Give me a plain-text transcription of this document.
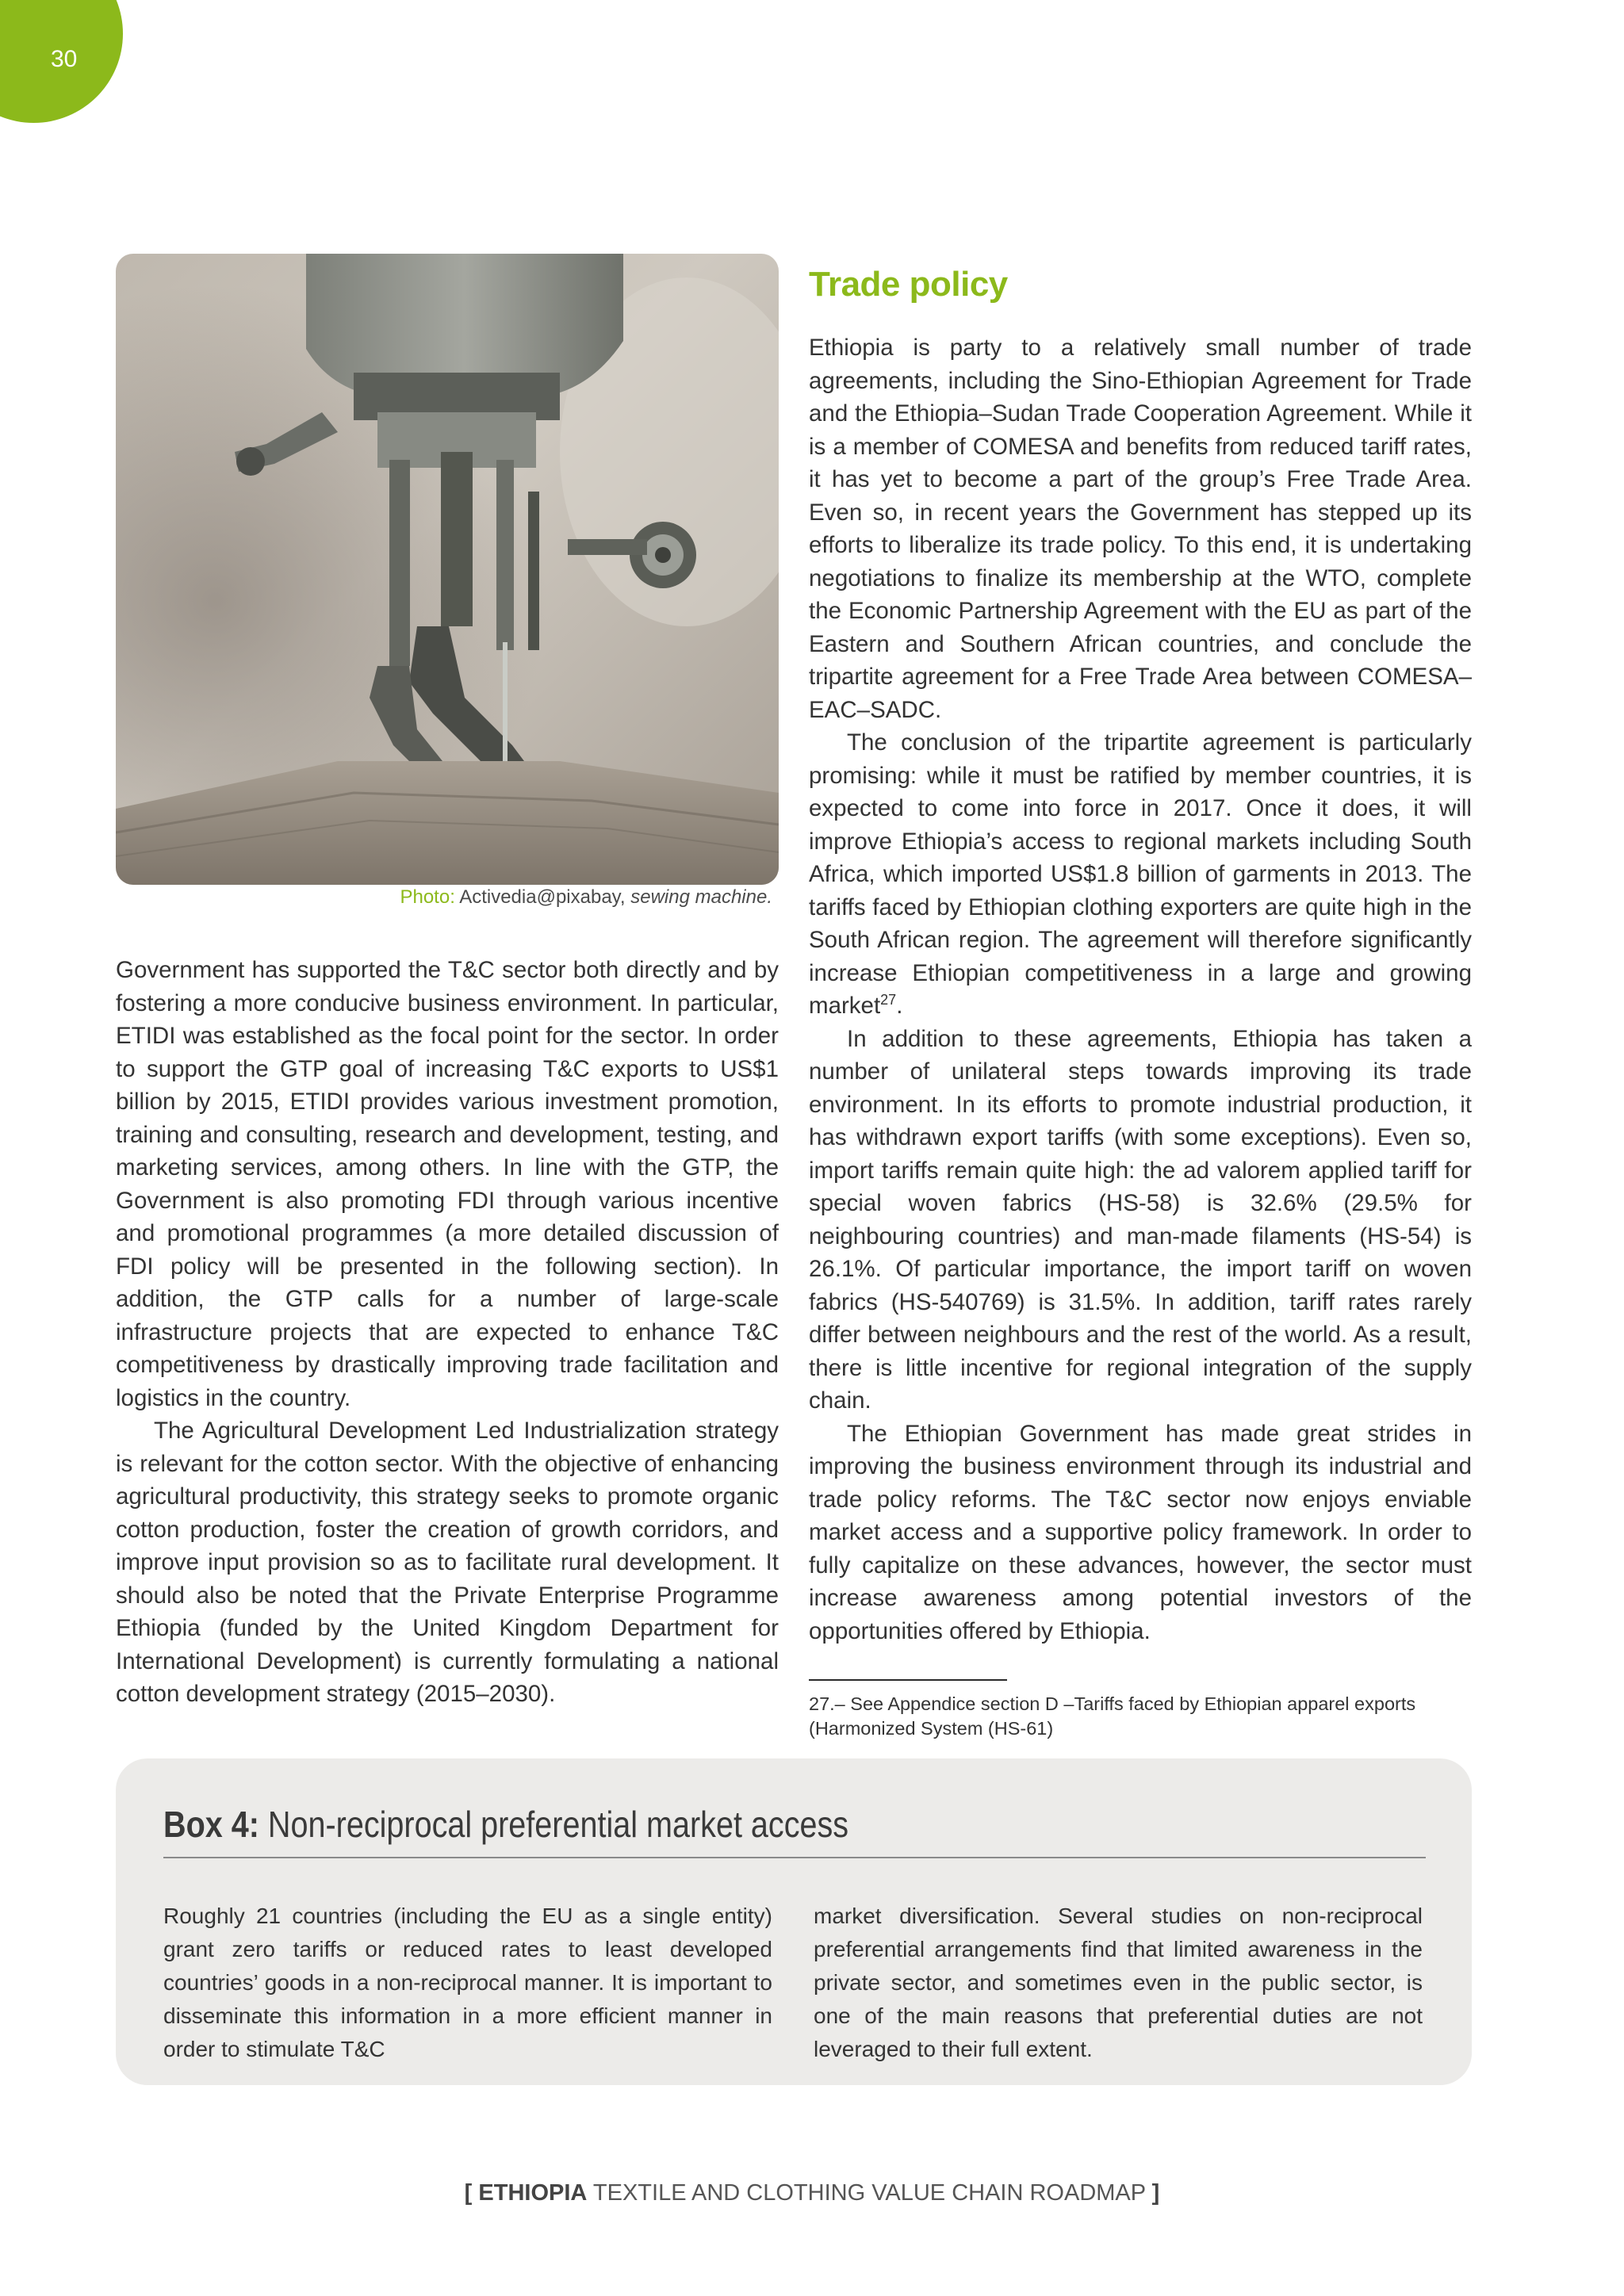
30
Photo: Activedia@pixabay, sewing machine.

Government has supported the T&C sector both directly and by fostering a more conducive business environment. In particular, ETIDI was established as the focal point for the sector. In order to support the GTP goal of increasing T&C exports to US$1 billion by 2015, ETIDI provides various investment promotion, training and consulting, research and development, testing, and marketing services, among others. In line with the GTP, the Government is also promoting FDI through various incentive and promotional programmes (a more detailed discussion of FDI policy will be presented in the following section). In addition, the GTP calls for a number of large-scale infrastructure projects that are expected to enhance T&C competitiveness by drastically improving trade facilitation and logistics in the country.

The Agricultural Development Led Industrialization strategy is relevant for the cotton sector. With the objective of enhancing agricultural productivity, this strategy seeks to promote organic cotton production, foster the creation of growth corridors, and improve input provision so as to facilitate rural development. It should also be noted that the Private Enterprise Programme Ethiopia (funded by the United Kingdom Department for International Development) is currently formulating a national cotton development strategy (2015–2030).

Trade policy

Ethiopia is party to a relatively small number of trade agreements, including the Sino-Ethiopian Agreement for Trade and the Ethiopia–Sudan Trade Cooperation Agreement. While it is a member of COMESA and benefits from reduced tariff rates, it has yet to become a part of the group’s Free Trade Area. Even so, in recent years the Government has stepped up its efforts to liberalize its trade policy. To this end, it is undertaking negotiations to finalize its membership at the WTO, complete the Economic Partnership Agreement with the EU as part of the Eastern and Southern African countries, and conclude the tripartite agreement for a Free Trade Area between COMESA–EAC–SADC.

The conclusion of the tripartite agreement is particularly promising: while it must be ratified by member countries, it is expected to come into force in 2017. Once it does, it will improve Ethiopia’s access to regional markets including South Africa, which imported US$1.8 billion of garments in 2013. The tariffs faced by Ethiopian clothing exporters are quite high in the South African region. The agreement will therefore significantly increase Ethiopian competitiveness in a large and growing market$^{27}$.

In addition to these agreements, Ethiopia has taken a number of unilateral steps towards improving its trade environment. In its efforts to promote industrial production, it has withdrawn export tariffs (with some exceptions). Even so, import tariffs remain quite high: the ad valorem applied tariff for special woven fabrics (HS-58) is 32.6% (29.5% for neighbouring countries) and man-made filaments (HS-54) is 26.1%. Of particular importance, the import tariff on woven fabrics (HS-540769) is 31.5%. In addition, tariff rates rarely differ between neighbours and the rest of the world. As a result, there is little incentive for regional integration of the supply chain.

The Ethiopian Government has made great strides in improving the business environment through its industrial and trade policy reforms. The T&C sector now enjoys enviable market access and a supportive policy framework. In order to fully capitalize on these advances, however, the sector must increase awareness among potential investors of the opportunities offered by Ethiopia.

27.– See Appendice section D –Tariffs faced by Ethiopian apparel exports (Harmonized System (HS-61)
Box 4: Non-reciprocal preferential market access
Roughly 21 countries (including the EU as a single entity) grant zero tariffs or reduced rates to least developed countries’ goods in a non-reciprocal manner. It is important to disseminate this information in a more efficient manner in order to stimulate T&C
market diversification. Several studies on non-reciprocal preferential arrangements find that limited awareness in the private sector, and sometimes even in the public sector, is one of the main reasons that preferential duties are not leveraged to their full extent.
[ ETHIOPIA TEXTILE AND CLOTHING VALUE CHAIN ROADMAP ]
